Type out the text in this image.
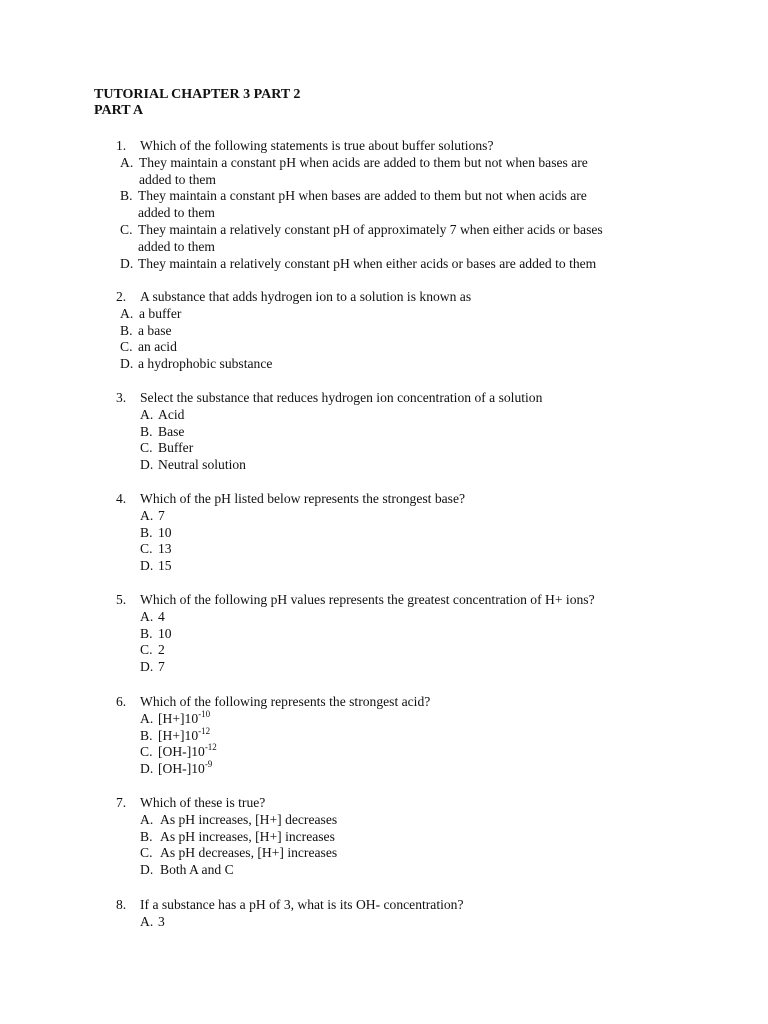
TUTORIAL CHAPTER 3 PART 2
PART A
1. Which of the following statements is true about buffer solutions?
A. They maintain a constant pH when acids are added to them but not when bases are
added to them
B. They maintain a constant pH when bases are added to them but not when acids are
added to them
C. They maintain a relatively constant pH of approximately 7 when either acids or bases
added to them
D. They maintain a relatively constant pH when either acids or bases are added to them
2. A substance that adds hydrogen ion to a solution is known as
A. a buffer
B. a base
C. an acid
D. a hydrophobic substance
3. Select the substance that reduces hydrogen ion concentration of a solution
A. Acid
B. Base
C. Buffer
D. Neutral solution
4. Which of the pH listed below represents the strongest base?
A. 7
B. 10
C. 13
D. 15
5. Which of the following pH values represents the greatest concentration of H+ ions?
A. 4
B. 10
C. 2
D. 7
6. Which of the following represents the strongest acid?
A. $[H+]10^{-10}$
B. $[H+]10^{-12}$
C. $[OH-]10^{-12}$
D. $[OH-]10^{-9}$
7. Which of these is true?
A. As pH increases, [H+] decreases
B. As pH increases, [H+] increases
C. As pH decreases, [H+] increases
D. Both A and C
8. If a substance has a pH of 3, what is its OH- concentration?
A. 3
